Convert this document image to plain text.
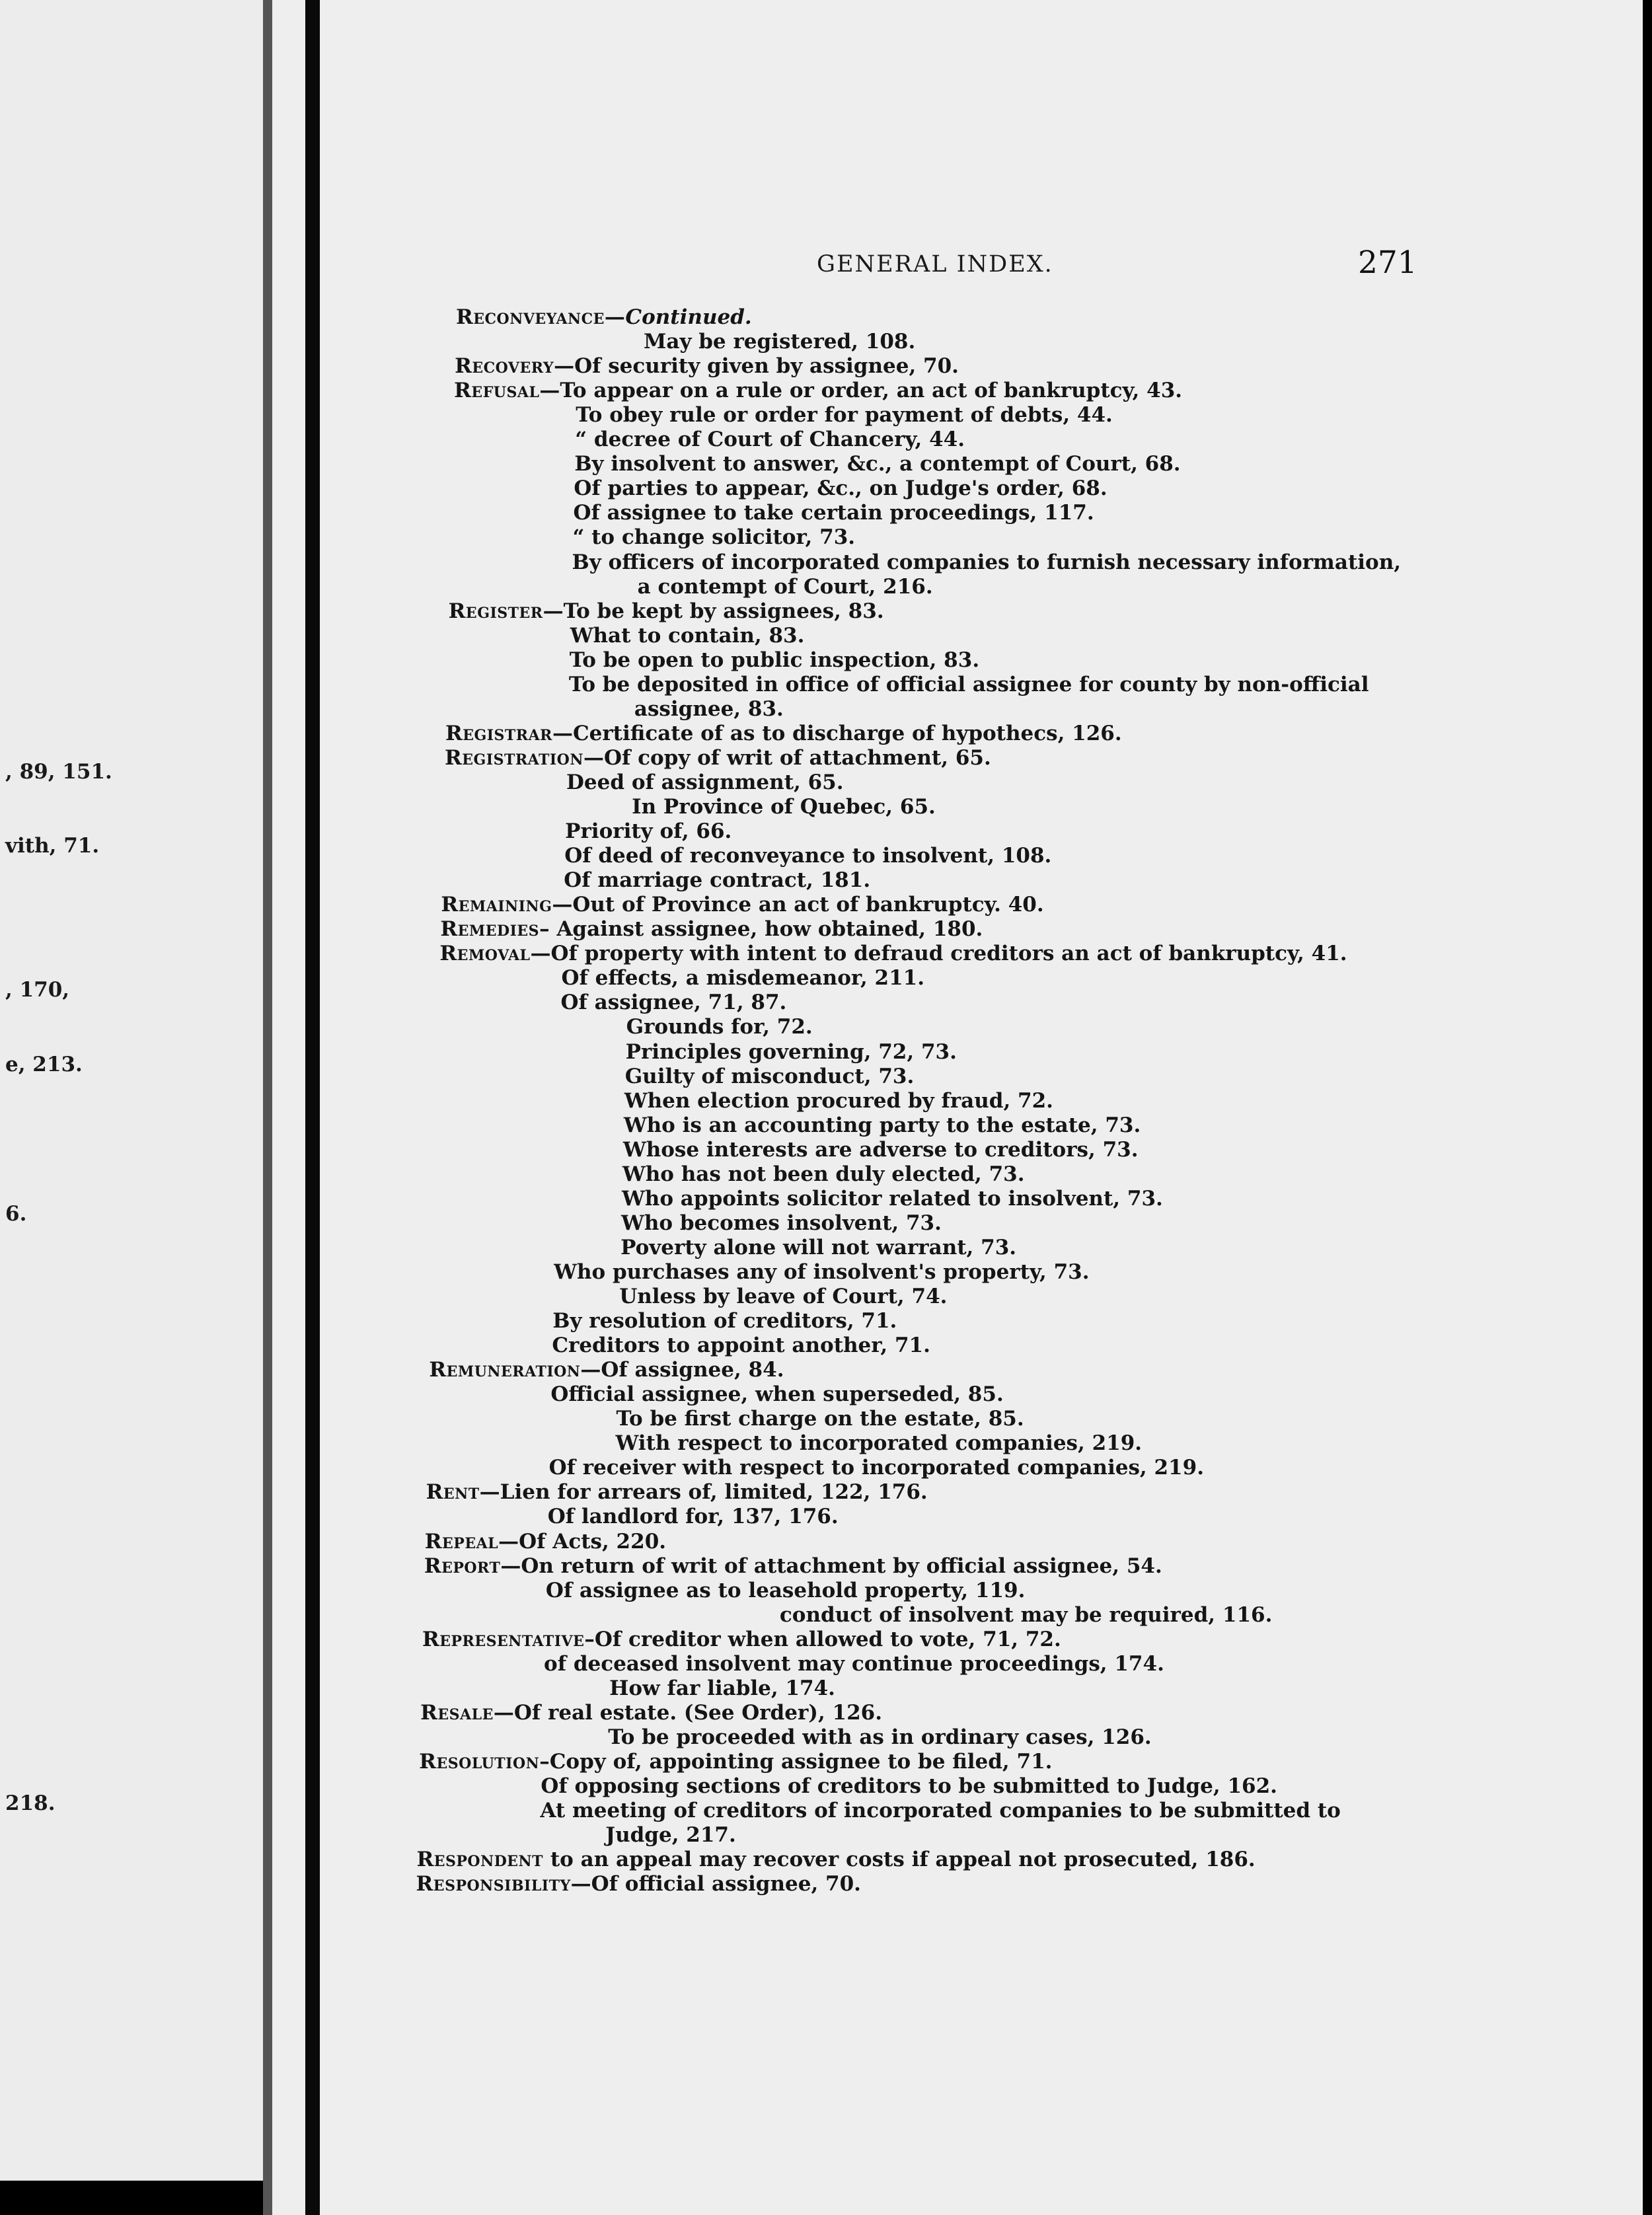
, 89, 151.
vith, 71.
, 170,
e, 213.
6.
218.
GENERAL INDEX.	271
Reconveyance—Continued.
May be registered, 108.
Recovery—Of security given by assignee, 70.
Refusal—To appear on a rule or order, an act of bankruptcy, 43.
To obey rule or order for payment of debts, 44.
“ decree of Court of Chancery, 44.
By insolvent to answer, &c., a contempt of Court, 68.
Of parties to appear, &c., on Judge's order, 68.
Of assignee to take certain proceedings, 117.
“ to change solicitor, 73.
By officers of incorporated companies to furnish necessary information,
a contempt of Court, 216.
Register—To be kept by assignees, 83.
What to contain, 83.
To be open to public inspection, 83.
To be deposited in office of official assignee for county by non-official
assignee, 83.
Registrar—Certificate of as to discharge of hypothecs, 126.
Registration—Of copy of writ of attachment, 65.
Deed of assignment, 65.
In Province of Quebec, 65.
Priority of, 66.
Of deed of reconveyance to insolvent, 108.
Of marriage contract, 181.
Remaining—Out of Province an act of bankruptcy. 40.
Remedies– Against assignee, how obtained, 180.
Removal—Of property with intent to defraud creditors an act of bankruptcy, 41.
Of effects, a misdemeanor, 211.
Of assignee, 71, 87.
Grounds for, 72.
Principles governing, 72, 73.
Guilty of misconduct, 73.
When election procured by fraud, 72.
Who is an accounting party to the estate, 73.
Whose interests are adverse to creditors, 73.
Who has not been duly elected, 73.
Who appoints solicitor related to insolvent, 73.
Who becomes insolvent, 73.
Poverty alone will not warrant, 73.
Who purchases any of insolvent's property, 73.
Unless by leave of Court, 74.
By resolution of creditors, 71.
Creditors to appoint another, 71.
Remuneration—Of assignee, 84.
Official assignee, when superseded, 85.
To be first charge on the estate, 85.
With respect to incorporated companies, 219.
Of receiver with respect to incorporated companies, 219.
Rent—Lien for arrears of, limited, 122, 176.
Of landlord for, 137, 176.
Repeal—Of Acts, 220.
Report—On return of writ of attachment by official assignee, 54.
Of assignee as to leasehold property, 119.
conduct of insolvent may be required, 116.
Representative–Of creditor when allowed to vote, 71, 72.
of deceased insolvent may continue proceedings, 174.
How far liable, 174.
Resale—Of real estate. (See Order), 126.
To be proceeded with as in ordinary cases, 126.
Resolution–Copy of, appointing assignee to be filed, 71.
Of opposing sections of creditors to be submitted to Judge, 162.
At meeting of creditors of incorporated companies to be submitted to
Judge, 217.
Respondent to an appeal may recover costs if appeal not prosecuted, 186.
Responsibility—Of official assignee, 70.
